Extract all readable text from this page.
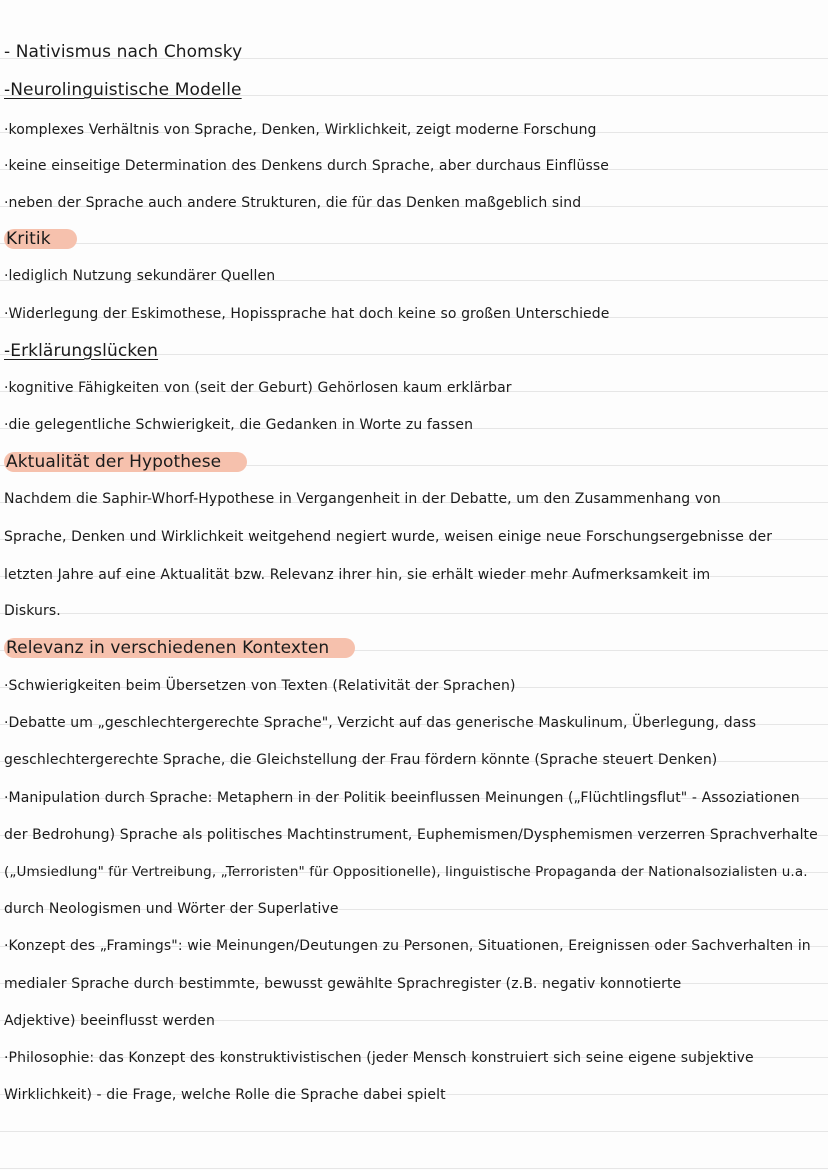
- Nativismus nach Chomsky
-Neurolinguistische Modelle
·komplexes Verhältnis von Sprache, Denken, Wirklichkeit, zeigt moderne Forschung
·keine einseitige Determination des Denkens durch Sprache, aber durchaus Einflüsse
·neben der Sprache auch andere Strukturen, die für das Denken maßgeblich sind
Kritik
·lediglich Nutzung sekundärer Quellen
·Widerlegung der Eskimothese, Hopissprache hat doch keine so großen Unterschiede
-Erklärungslücken
·kognitive Fähigkeiten von (seit der Geburt) Gehörlosen kaum erklärbar
·die gelegentliche Schwierigkeit, die Gedanken in Worte zu fassen
Aktualität der Hypothese
Nachdem die Saphir-Whorf-Hypothese in Vergangenheit in der Debatte, um den Zusammenhang von
Sprache, Denken und Wirklichkeit weitgehend negiert wurde, weisen einige neue Forschungsergebnisse der
letzten Jahre auf eine Aktualität bzw. Relevanz ihrer hin, sie erhält wieder mehr Aufmerksamkeit im
Diskurs.
Relevanz in verschiedenen Kontexten
·Schwierigkeiten beim Übersetzen von Texten (Relativität der Sprachen)
·Debatte um „geschlechtergerechte Sprache", Verzicht auf das generische Maskulinum, Überlegung, dass
geschlechtergerechte Sprache, die Gleichstellung der Frau fördern könnte (Sprache steuert Denken)
·Manipulation durch Sprache: Metaphern in der Politik beeinflussen Meinungen („Flüchtlingsflut" - Assoziationen
der Bedrohung) Sprache als politisches Machtinstrument, Euphemismen/Dysphemismen verzerren Sprachverhalte
(„Umsiedlung" für Vertreibung, „Terroristen" für Oppositionelle), linguistische Propaganda der Nationalsozialisten u.a.
durch Neologismen und Wörter der Superlative
·Konzept des „Framings": wie Meinungen/Deutungen zu Personen, Situationen, Ereignissen oder Sachverhalten in
medialer Sprache durch bestimmte, bewusst gewählte Sprachregister (z.B. negativ konnotierte
Adjektive) beeinflusst werden
·Philosophie: das Konzept des konstruktivistischen (jeder Mensch konstruiert sich seine eigene subjektive
Wirklichkeit) - die Frage, welche Rolle die Sprache dabei spielt
